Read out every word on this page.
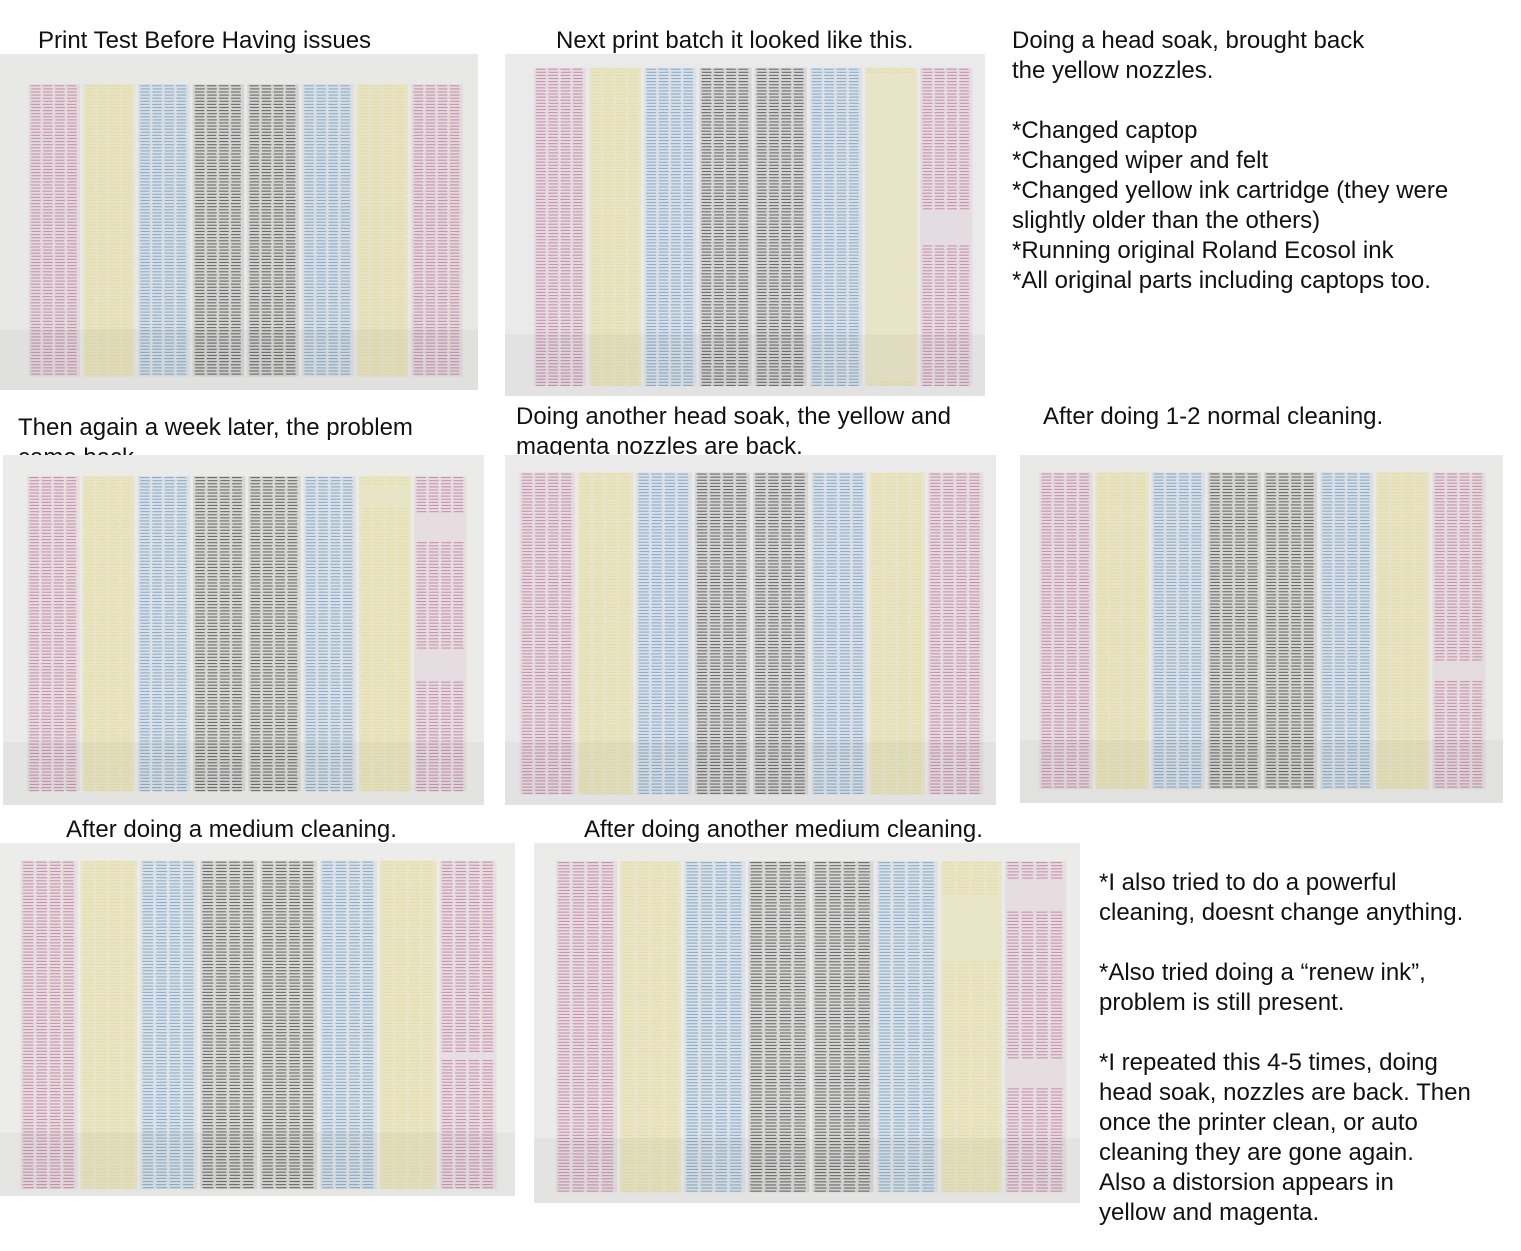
Print Test Before Having issues	Next print batch it looked like this.

Then again a week later, the problem	Doing another head soak, the yellow and magenta nozzles are back.

After doing 1-2 normal cleaning.

After doing a medium cleaning.	After doing another medium cleaning.

Doing a head soak, brought back

the yellow nozzles.

*Changed captop

*Changed wiper and felt

*Changed yellow ink cartridge (they were

slightly older than the others)

*Running original Roland Ecosol ink

*All original parts including captops too.

*I also tried to do a powerful

cleaning, doesnt change anything.

*Also tried doing a “renew ink”,

problem is still present.

*I repeated this 4-5 times, doing

head soak, nozzles are back. Then

once the printer clean, or auto

cleaning they are gone again.

Also a distorsion appears in

yellow and magenta.
